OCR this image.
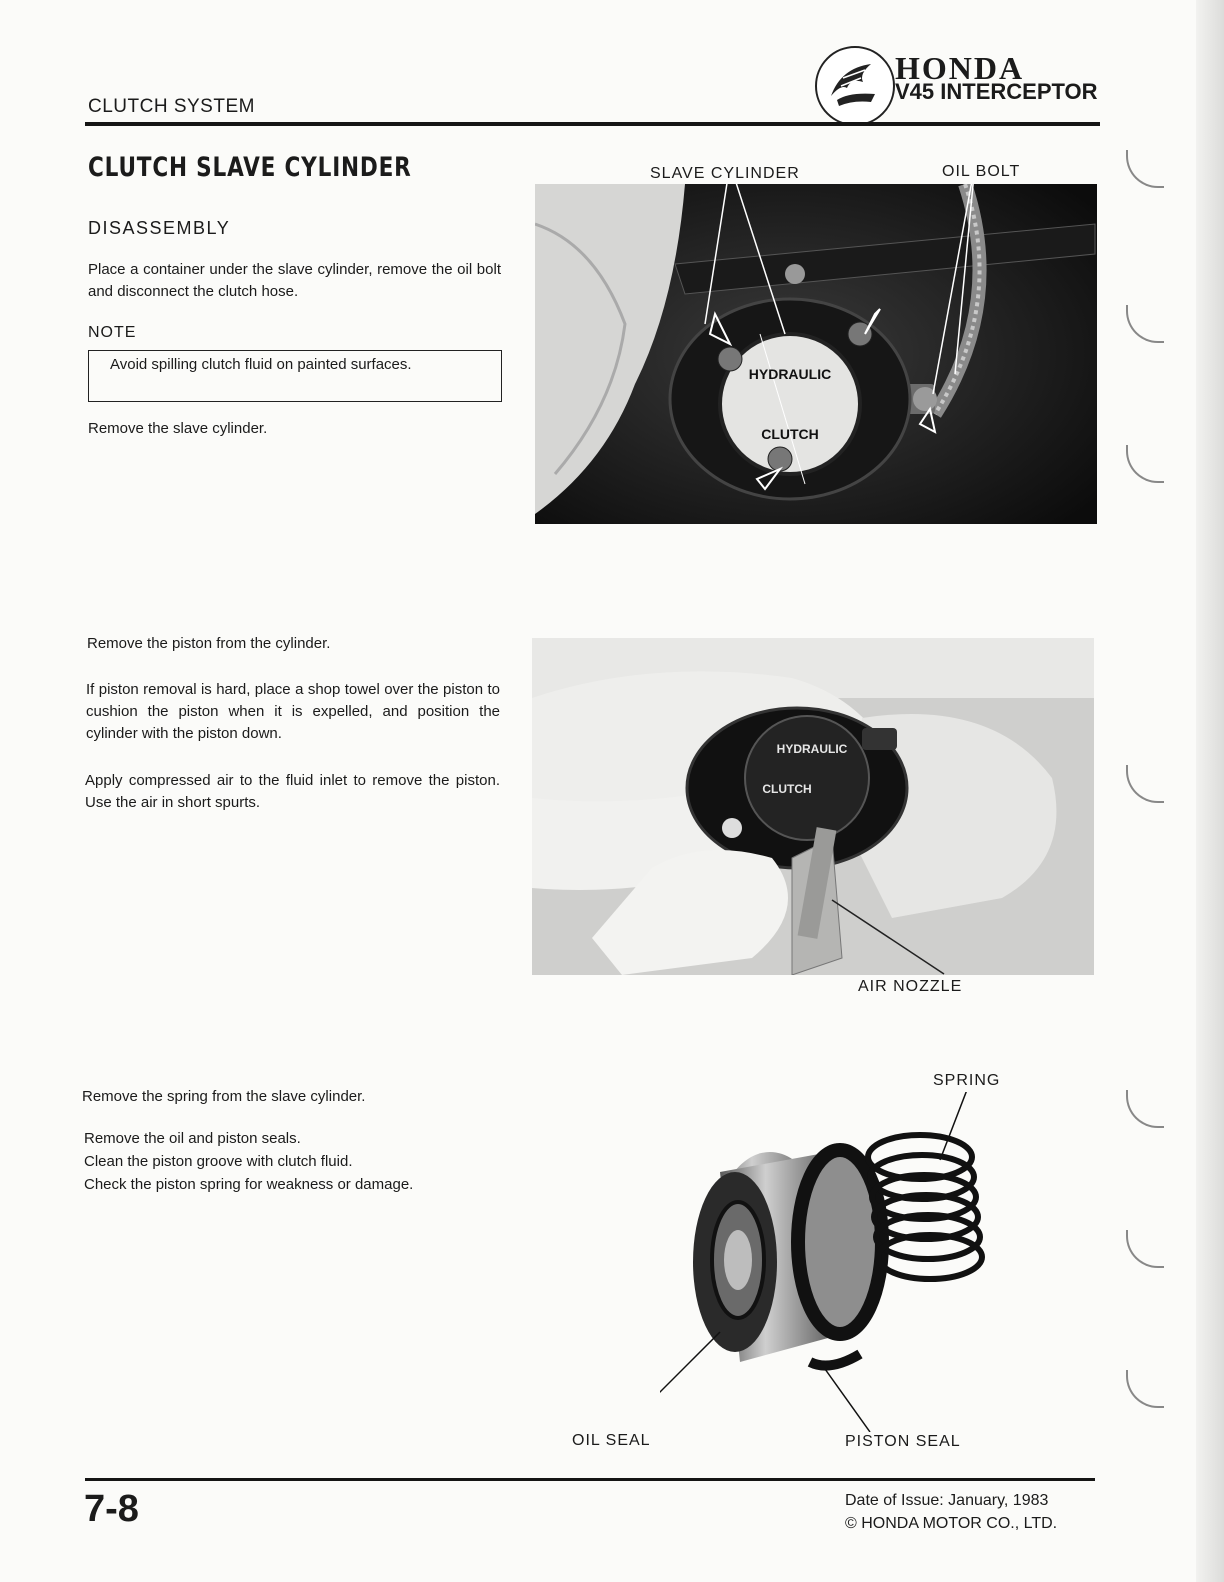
CLUTCH SYSTEM
HONDA
V45 INTERCEPTOR
CLUTCH SLAVE CYLINDER
DISASSEMBLY
Place a container under the slave cylinder, remove the oil bolt and disconnect the clutch hose.
NOTE
Avoid spilling clutch fluid on painted surfaces.
Remove the slave cylinder.
SLAVE CYLINDER	OIL BOLT
HYDRAULIC
CLUTCH
Remove the piston from the cylinder.
If piston removal is hard, place a shop towel over the piston to cushion the piston when it is expelled, and position the cylinder with the piston down.
Apply compressed air to the fluid inlet to remove the piston. Use the air in short spurts.
HYDRAULIC
CLUTCH
AIR NOZZLE
Remove the spring from the slave cylinder.
Remove the oil and piston seals.
Clean the piston groove with clutch fluid.
Check the piston spring for weakness or damage.
SPRING
OIL SEAL	PISTON SEAL
7-8	Date of Issue: January, 1983
© HONDA MOTOR CO., LTD.
